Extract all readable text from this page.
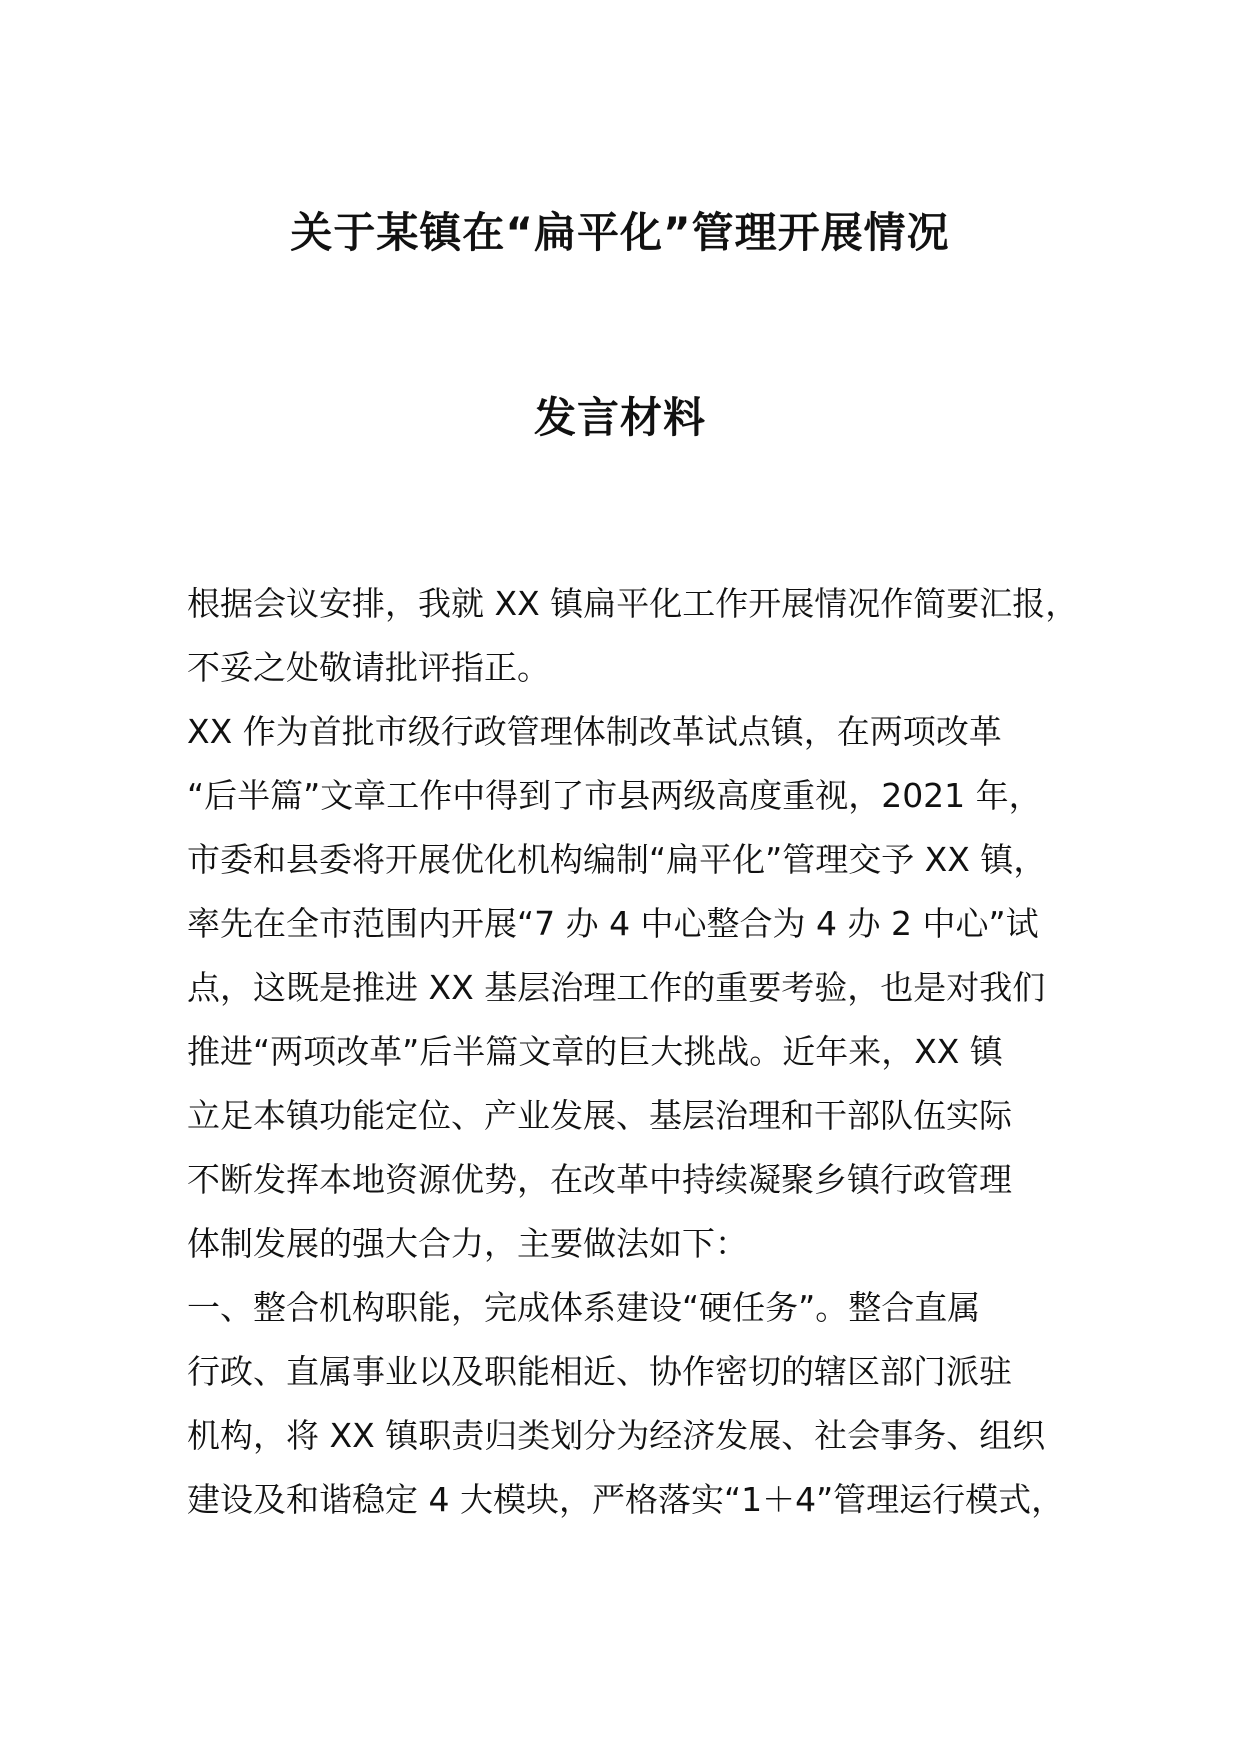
关于某镇在“扁平化”管理开展情况
发言材料
根据会议安排，我就 XX 镇扁平化工作开展情况作简要汇报，
不妥之处敬请批评指正。
XX 作为首批市级行政管理体制改革试点镇，在两项改革
“后半篇”文章工作中得到了市县两级高度重视，2021 年，
市委和县委将开展优化机构编制“扁平化”管理交予 XX 镇，
率先在全市范围内开展“7 办 4 中心整合为 4 办 2 中心”试
点，这既是推进 XX 基层治理工作的重要考验，也是对我们
推进“两项改革”后半篇文章的巨大挑战。近年来，XX 镇
立足本镇功能定位、产业发展、基层治理和干部队伍实际
不断发挥本地资源优势，在改革中持续凝聚乡镇行政管理
体制发展的强大合力，主要做法如下：
一、整合机构职能，完成体系建设“硬任务”。整合直属
行政、直属事业以及职能相近、协作密切的辖区部门派驻
机构，将 XX 镇职责归类划分为经济发展、社会事务、组织
建设及和谐稳定 4 大模块，严格落实“1＋4”管理运行模式，
